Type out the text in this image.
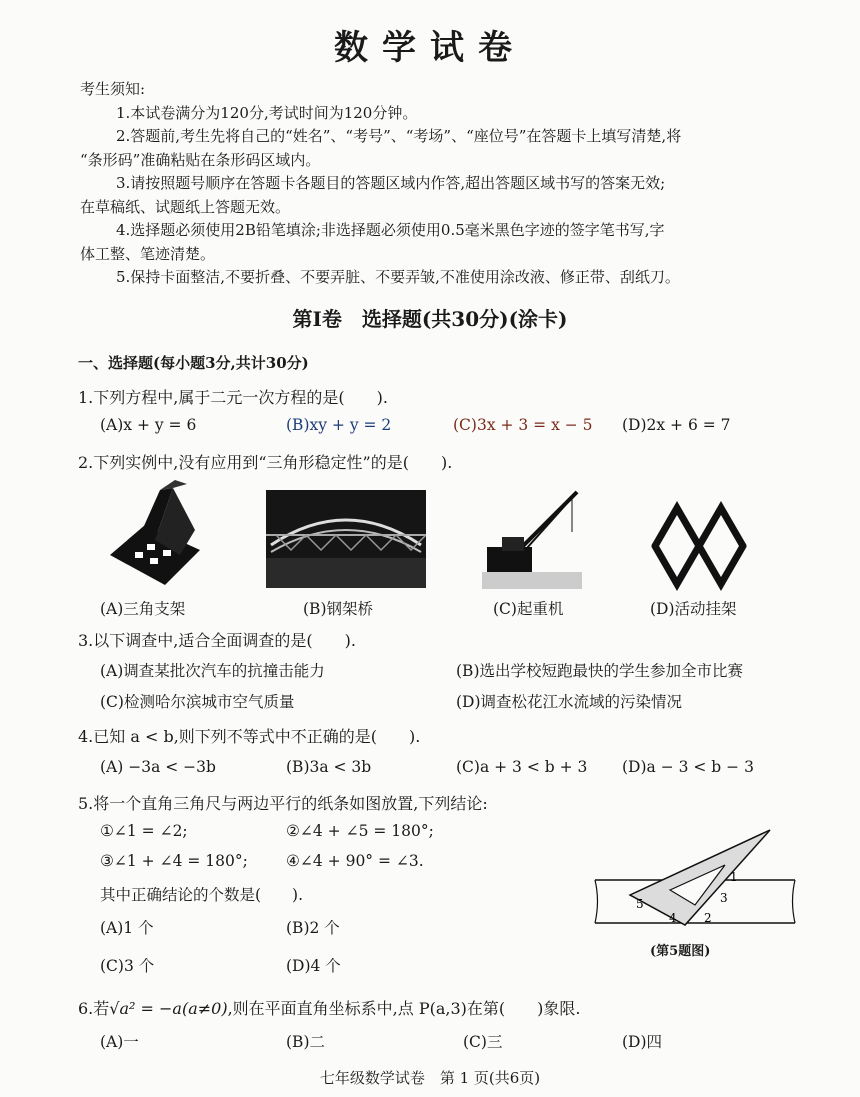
数学试卷
考生须知:
1.本试卷满分为120分,考试时间为120分钟。
2.答题前,考生先将自己的“姓名”、“考号”、“考场”、“座位号”在答题卡上填写清楚,将
“条形码”准确粘贴在条形码区域内。
3.请按照题号顺序在答题卡各题目的答题区域内作答,超出答题区域书写的答案无效;
在草稿纸、试题纸上答题无效。
4.选择题必须使用2B铅笔填涂;非选择题必须使用0.5毫米黑色字迹的签字笔书写,字
体工整、笔迹清楚。
5.保持卡面整洁,不要折叠、不要弄脏、不要弄皱,不准使用涂改液、修正带、刮纸刀。
第Ⅰ卷　选择题(共30分)(涂卡)
一、选择题(每小题3分,共计30分)
1.下列方程中,属于二元一次方程的是(　　).
(A)x + y = 6	(B)xy + y = 2	(C)3x + 3 = x − 5 (D)2x + 6 = 7
2.下列实例中,没有应用到“三角形稳定性”的是(　　).
(A)三角支架	(B)钢架桥	(C)起重机	(D)活动挂架
3.以下调查中,适合全面调查的是(　　).
(A)调查某批次汽车的抗撞击能力	(B)选出学校短跑最快的学生参加全市比赛
(C)检测哈尔滨城市空气质量	(D)调查松花江水流域的污染情况
4.已知 a < b,则下列不等式中不正确的是(　　).
(A) −3a < −3b	(B)3a < 3b	(C)a + 3 < b + 3 (D)a − 3 < b − 3
5.将一个直角三角尺与两边平行的纸条如图放置,下列结论:
①∠1 = ∠2;	②∠4 + ∠5 = 180°;
③∠1 + ∠4 = 180°; ④∠4 + 90° = ∠3.
其中正确结论的个数是(　　).
(A)1 个	(B)2 个
(C)3 个	(D)4 个
1
2
3
4
5
(第5题图)
6.若√a² = −a(a≠0),则在平面直角坐标系中,点 P(a,3)在第(　　)象限.
(A)一	(B)二	(C)三	(D)四
七年级数学试卷　第 1 页(共6页)
